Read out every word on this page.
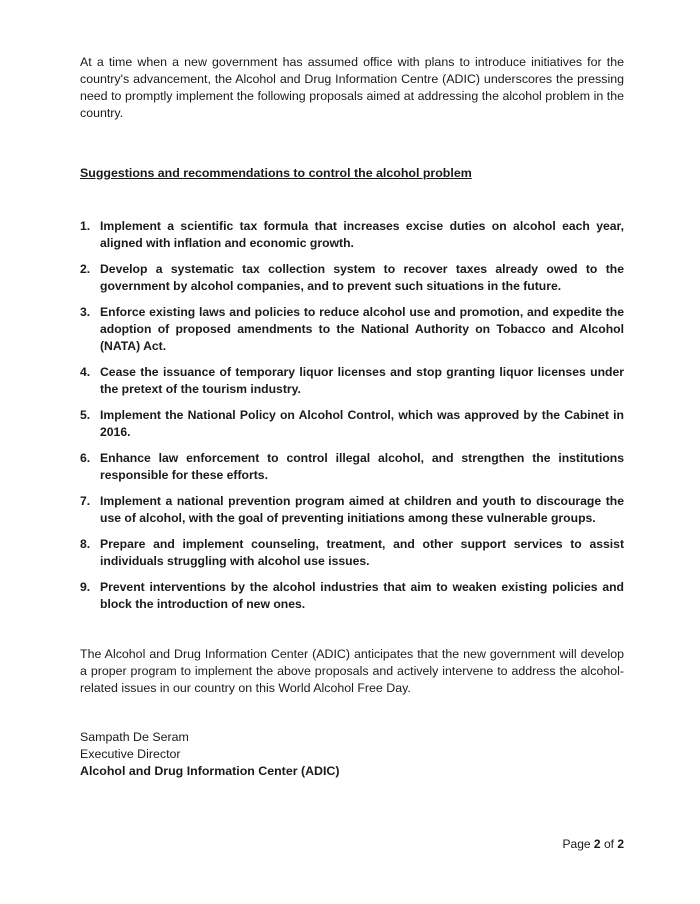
At a time when a new government has assumed office with plans to introduce initiatives for the country's advancement, the Alcohol and Drug Information Centre (ADIC) underscores the pressing need to promptly implement the following proposals aimed at addressing the alcohol problem in the country.

Suggestions and recommendations to control the alcohol problem

1. Implement a scientific tax formula that increases excise duties on alcohol each year, aligned with inflation and economic growth.
2. Develop a systematic tax collection system to recover taxes already owed to the government by alcohol companies, and to prevent such situations in the future.
3. Enforce existing laws and policies to reduce alcohol use and promotion, and expedite the adoption of proposed amendments to the National Authority on Tobacco and Alcohol (NATA) Act.
4. Cease the issuance of temporary liquor licenses and stop granting liquor licenses under the pretext of the tourism industry.
5. Implement the National Policy on Alcohol Control, which was approved by the Cabinet in 2016.
6. Enhance law enforcement to control illegal alcohol, and strengthen the institutions responsible for these efforts.
7. Implement a national prevention program aimed at children and youth to discourage the use of alcohol, with the goal of preventing initiations among these vulnerable groups.
8. Prepare and implement counseling, treatment, and other support services to assist individuals struggling with alcohol use issues.
9. Prevent interventions by the alcohol industries that aim to weaken existing policies and block the introduction of new ones.

The Alcohol and Drug Information Center (ADIC) anticipates that the new government will develop a proper program to implement the above proposals and actively intervene to address the alcohol-related issues in our country on this World Alcohol Free Day.

Sampath De Seram
Executive Director
Alcohol and Drug Information Center (ADIC)
Page 2 of 2
